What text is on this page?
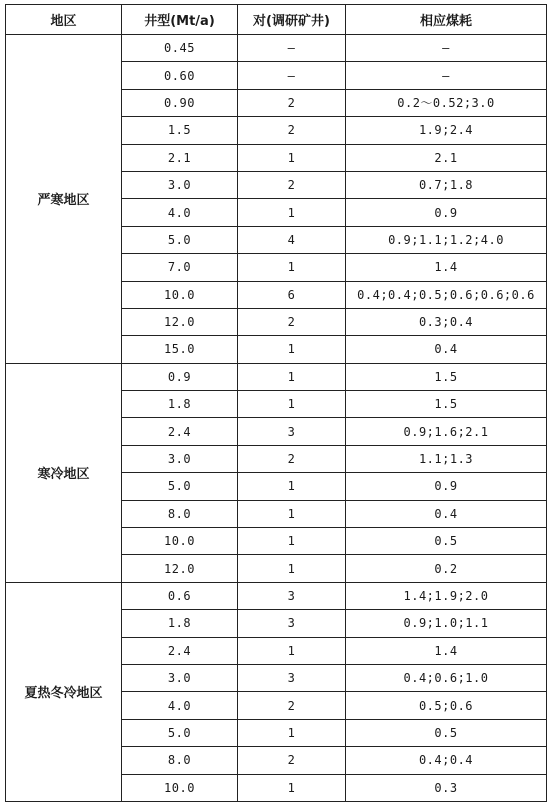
地区	井型(Mt/a)	对(调研矿井)	相应煤耗
严寒地区	0.45	—	—
	0.60	—	—
	0.90	2	0.2～0.52;3.0
	1.5	2	1.9;2.4
	2.1	1	2.1
	3.0	2	0.7;1.8
	4.0	1	0.9
	5.0	4	0.9;1.1;1.2;4.0
	7.0	1	1.4
	10.0	6	0.4;0.4;0.5;0.6;0.6;0.6
	12.0	2	0.3;0.4
	15.0	1	0.4
寒冷地区	0.9	1	1.5
	1.8	1	1.5
	2.4	3	0.9;1.6;2.1
	3.0	2	1.1;1.3
	5.0	1	0.9
	8.0	1	0.4
	10.0	1	0.5
	12.0	1	0.2
夏热冬冷地区	0.6	3	1.4;1.9;2.0
	1.8	3	0.9;1.0;1.1
	2.4	1	1.4
	3.0	3	0.4;0.6;1.0
	4.0	2	0.5;0.6
	5.0	1	0.5
	8.0	2	0.4;0.4
	10.0	1	0.3
